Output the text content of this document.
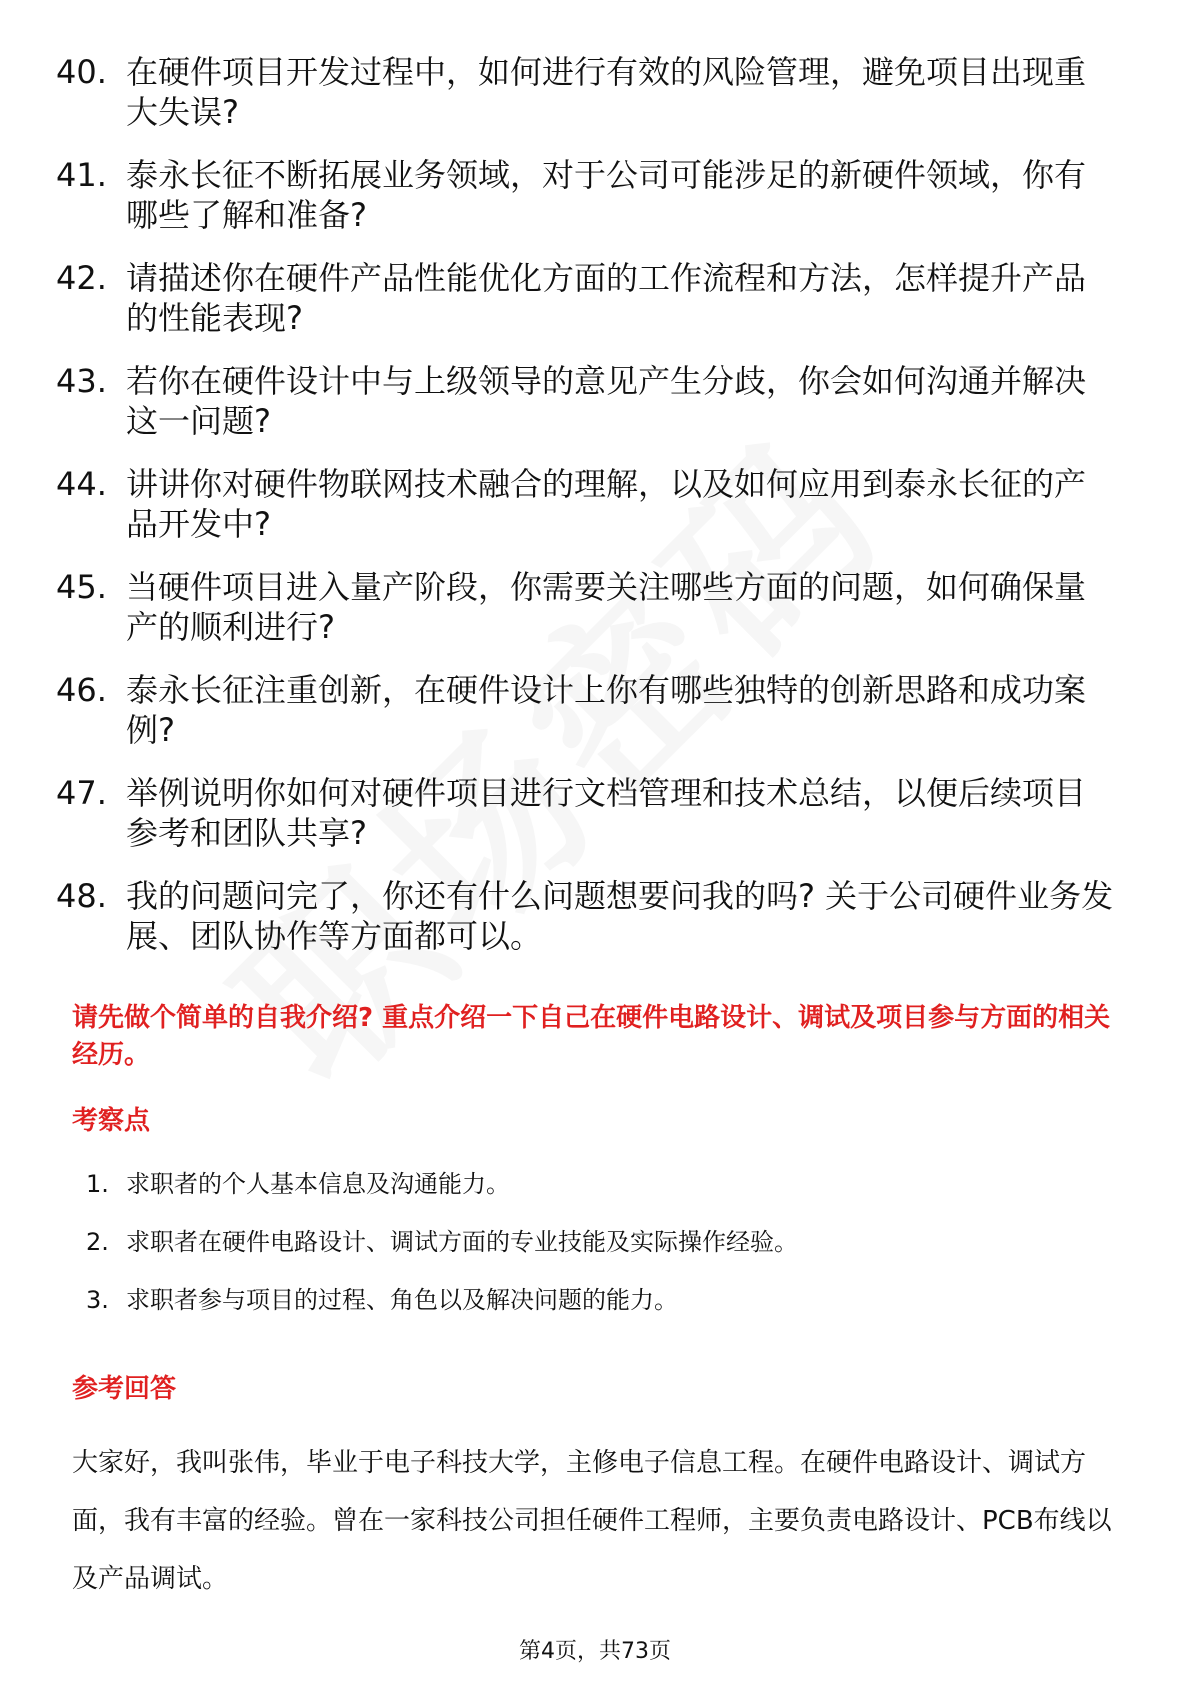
40. 在硬件项目开发过程中，如何进行有效的风险管理，避免项目出现重大失误?
41. 泰永长征不断拓展业务领域，对于公司可能涉足的新硬件领域，你有哪些了解和准备?
42. 请描述你在硬件产品性能优化方面的工作流程和方法，怎样提升产品的性能表现?
43. 若你在硬件设计中与上级领导的意见产生分歧，你会如何沟通并解决这一问题?
44. 讲讲你对硬件物联网技术融合的理解，以及如何应用到泰永长征的产品开发中?
45. 当硬件项目进入量产阶段，你需要关注哪些方面的问题，如何确保量产的顺利进行?
46. 泰永长征注重创新，在硬件设计上你有哪些独特的创新思路和成功案例?
47. 举例说明你如何对硬件项目进行文档管理和技术总结，以便后续项目参考和团队共享?
48. 我的问题问完了，你还有什么问题想要问我的吗? 关于公司硬件业务发展、团队协作等方面都可以。
请先做个简单的自我介绍? 重点介绍一下自己在硬件电路设计、调试及项目参与方面的相关经历。
考察点
1. 求职者的个人基本信息及沟通能力。
2. 求职者在硬件电路设计、调试方面的专业技能及实际操作经验。
3. 求职者参与项目的过程、角色以及解决问题的能力。
参考回答
大家好，我叫张伟，毕业于电子科技大学，主修电子信息工程。在硬件电路设计、调试方面，我有丰富的经验。曾在一家科技公司担任硬件工程师，主要负责电路设计、PCB布线以及产品调试。
第4页，共73页
